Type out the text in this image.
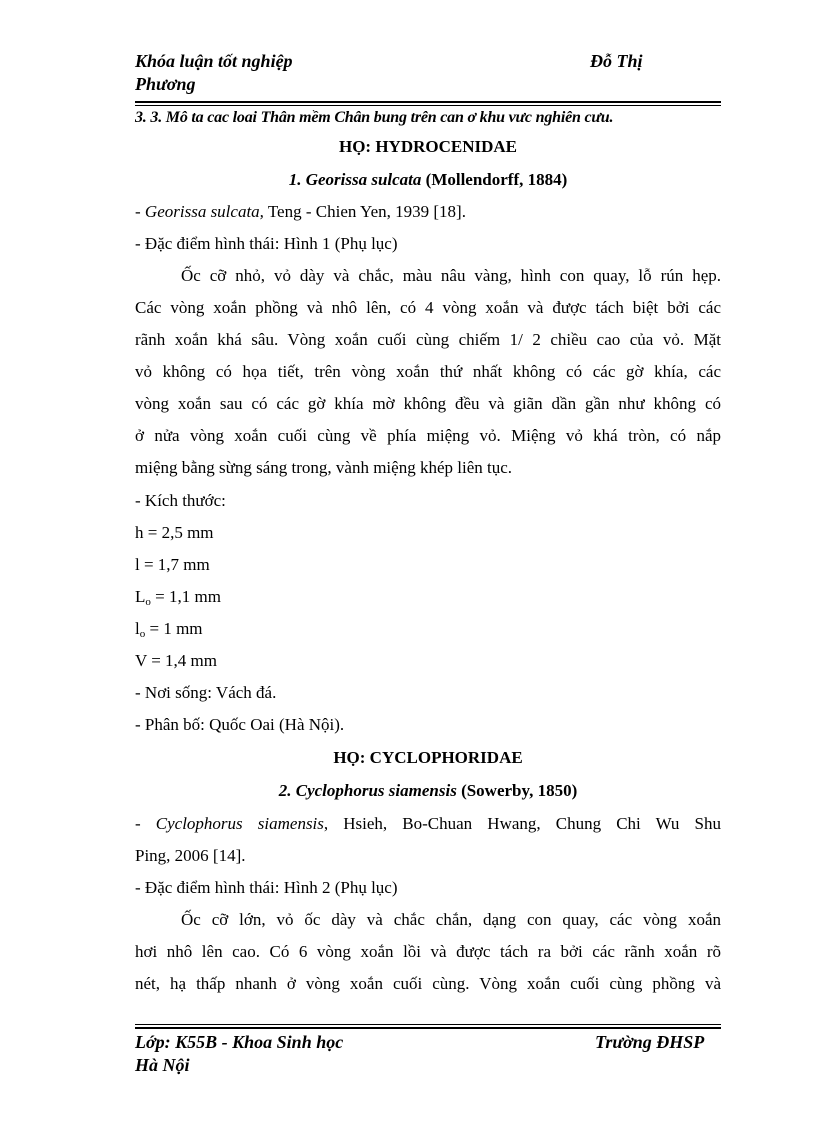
Khóa luận tốt nghiệp
Phương
Đỗ Thị
3. 3. Mô ta cac loai Thân mềm Chân bung trên can ơ khu vưc nghiên cưu.
HỌ: HYDROCENIDAE
1. Georissa sulcata (Mollendorff, 1884)
- Georissa sulcata, Teng - Chien Yen, 1939 [18].
- Đặc điểm hình thái: Hình 1 (Phụ lục)
Ốc cỡ nhỏ, vỏ dày và chắc, màu nâu vàng, hình con quay, lỗ rún hẹp.
Các vòng xoắn phồng và nhô lên, có 4 vòng xoắn và được tách biệt bởi các
rãnh xoắn khá sâu. Vòng xoắn cuối cùng chiếm 1/ 2 chiều cao của vỏ. Mặt
vỏ không có họa tiết, trên vòng xoắn thứ nhất không có các gờ khía, các
vòng xoắn sau có các gờ khía mờ không đều và giãn dần gần như không có
ở nửa vòng xoắn cuối cùng về phía miệng vỏ. Miệng vỏ khá tròn, có nắp
miệng bằng sừng sáng trong, vành miệng khép liên tục.
- Kích thước:
h = 2,5 mm
l = 1,7 mm
$L_o = 1,1$ mm
$l_o = 1$ mm
V = 1,4 mm
- Nơi sống: Vách đá.
- Phân bố: Quốc Oai (Hà Nội).
HỌ: CYCLOPHORIDAE
2. Cyclophorus siamensis (Sowerby, 1850)
- Cyclophorus siamensis, Hsieh, Bo-Chuan Hwang, Chung Chi Wu Shu
Ping, 2006 [14].
- Đặc điểm hình thái: Hình 2 (Phụ lục)
Ốc cỡ lớn, vỏ ốc dày và chắc chắn, dạng con quay, các vòng xoắn
hơi nhô lên cao. Có 6 vòng xoắn lồi và được tách ra bởi các rãnh xoắn rõ
nét, hạ thấp nhanh ở vòng xoắn cuối cùng. Vòng xoắn cuối cùng phồng và
Lớp: K55B - Khoa Sinh học
Hà Nội
Trường ĐHSP
